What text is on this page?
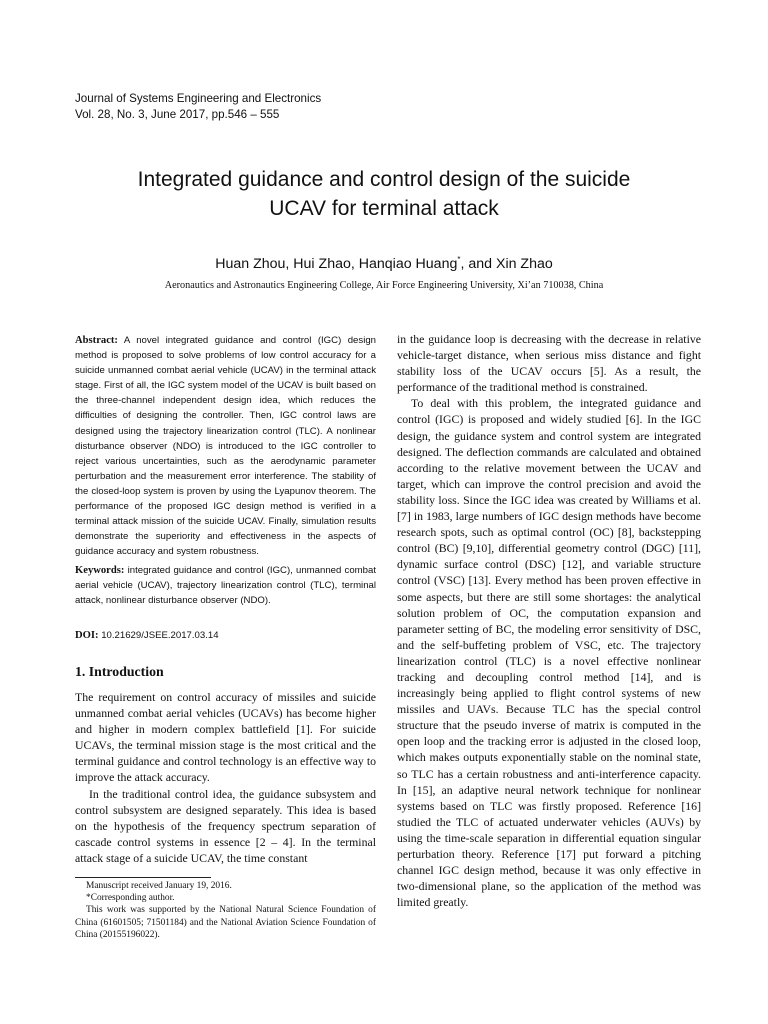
Journal of Systems Engineering and Electronics
Vol. 28, No. 3, June 2017, pp.546 – 555
Integrated guidance and control design of the suicide
UCAV for terminal attack
Huan Zhou, Hui Zhao, Hanqiao Huang*, and Xin Zhao
Aeronautics and Astronautics Engineering College, Air Force Engineering University, Xi’an 710038, China
Abstract: A novel integrated guidance and control (IGC) design method is proposed to solve problems of low control accuracy for a suicide unmanned combat aerial vehicle (UCAV) in the terminal attack stage. First of all, the IGC system model of the UCAV is built based on the three-channel independent design idea, which reduces the difficulties of designing the controller. Then, IGC control laws are designed using the trajectory linearization control (TLC). A nonlinear disturbance observer (NDO) is introduced to the IGC controller to reject various uncertainties, such as the aerodynamic parameter perturbation and the measurement error interference. The stability of the closed-loop system is proven by using the Lyapunov theorem. The performance of the proposed IGC design method is verified in a terminal attack mission of the suicide UCAV. Finally, simulation results demonstrate the superiority and effectiveness in the aspects of guidance accuracy and system robustness.
Keywords: integrated guidance and control (IGC), unmanned combat aerial vehicle (UCAV), trajectory linearization control (TLC), terminal attack, nonlinear disturbance observer (NDO).
DOI: 10.21629/JSEE.2017.03.14
1. Introduction

The requirement on control accuracy of missiles and suicide unmanned combat aerial vehicles (UCAVs) has become higher and higher in modern complex battlefield [1]. For suicide UCAVs, the terminal mission stage is the most critical and the terminal guidance and control technology is an effective way to improve the attack accuracy.

In the traditional control idea, the guidance subsystem and control subsystem are designed separately. This idea is based on the hypothesis of the frequency spectrum separation of cascade control systems in essence [2 – 4]. In the terminal attack stage of a suicide UCAV, the time constant

in the guidance loop is decreasing with the decrease in relative vehicle-target distance, when serious miss distance and fight stability loss of the UCAV occurs [5]. As a result, the performance of the traditional method is constrained.

To deal with this problem, the integrated guidance and control (IGC) is proposed and widely studied [6]. In the IGC design, the guidance system and control system are integrated designed. The deflection commands are calculated and obtained according to the relative movement between the UCAV and target, which can improve the control precision and avoid the stability loss. Since the IGC idea was created by Williams et al. [7] in 1983, large numbers of IGC design methods have become research spots, such as optimal control (OC) [8], backstepping control (BC) [9,10], differential geometry control (DGC) [11], dynamic surface control (DSC) [12], and variable structure control (VSC) [13]. Every method has been proven effective in some aspects, but there are still some shortages: the analytical solution problem of OC, the computation expansion and parameter setting of BC, the modeling error sensitivity of DSC, and the self-buffeting problem of VSC, etc. The trajectory linearization control (TLC) is a novel effective nonlinear tracking and decoupling control method [14], and is increasingly being applied to flight control systems of new missiles and UAVs. Because TLC has the special control structure that the pseudo inverse of matrix is computed in the open loop and the tracking error is adjusted in the closed loop, which makes outputs exponentially stable on the nominal state, so TLC has a certain robustness and anti-interference capacity. In [15], an adaptive neural network technique for nonlinear systems based on TLC was firstly proposed. Reference [16] studied the TLC of actuated underwater vehicles (AUVs) by using the time-scale separation in differential equation singular perturbation theory. Reference [17] put forward a pitching channel IGC design method, because it was only effective in two-dimensional plane, so the application of the method was limited greatly.

Manuscript received January 19, 2016.

*Corresponding author.

This work was supported by the National Natural Science Foundation of China (61601505; 71501184) and the National Aviation Science Foundation of China (20155196022).
